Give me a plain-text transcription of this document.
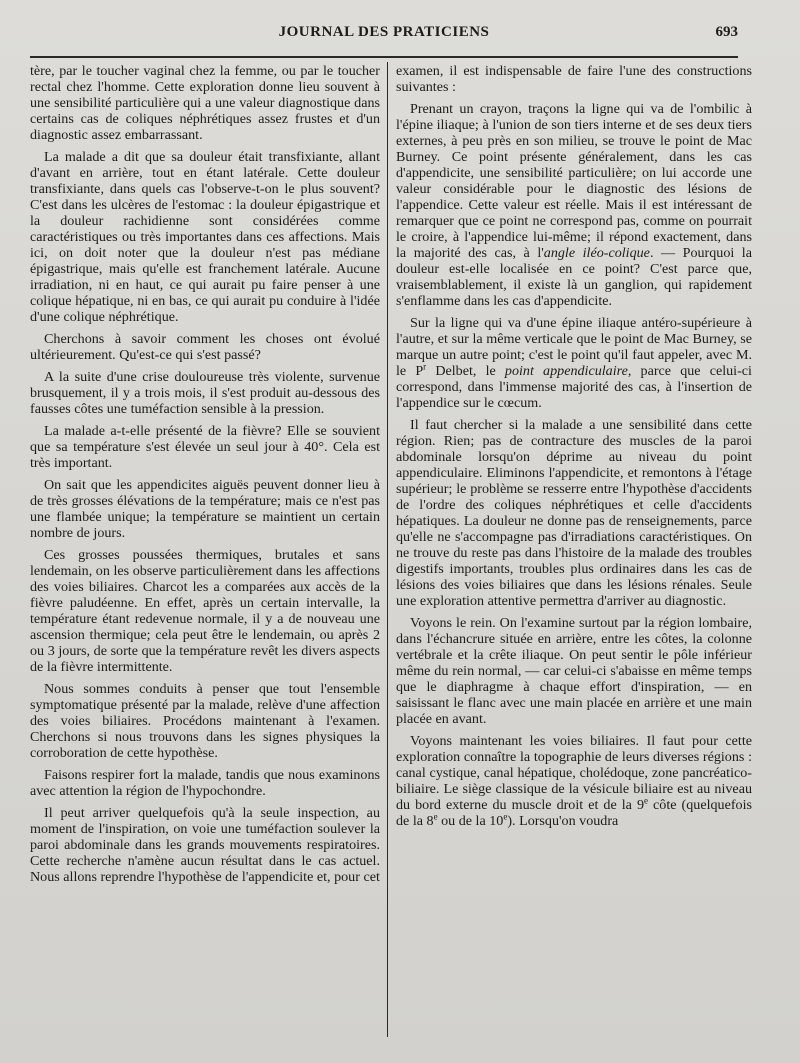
JOURNAL DES PRATICIENS	693

tère, par le toucher vaginal chez la femme, ou par le toucher rectal chez l'homme. Cette exploration donne lieu souvent à une sensibilité particulière qui a une valeur diagnostique dans certains cas de coliques néphrétiques assez frustes et d'un diagnostic assez embarrassant.

La malade a dit que sa douleur était transfixiante, allant d'avant en arrière, tout en étant latérale. Cette douleur transfixiante, dans quels cas l'observe-t-on le plus souvent? C'est dans les ulcères de l'estomac : la douleur épigastrique et la douleur rachidienne sont considérées comme caractéristiques ou très importantes dans ces affections. Mais ici, on doit noter que la douleur n'est pas médiane épigastrique, mais qu'elle est franchement latérale. Aucune irradiation, ni en haut, ce qui aurait pu faire penser à une colique hépatique, ni en bas, ce qui aurait pu conduire à l'idée d'une colique néphrétique.

Cherchons à savoir comment les choses ont évolué ultérieurement. Qu'est-ce qui s'est passé?

A la suite d'une crise douloureuse très violente, survenue brusquement, il y a trois mois, il s'est produit au-dessous des fausses côtes une tuméfaction sensible à la pression.

La malade a-t-elle présenté de la fièvre? Elle se souvient que sa température s'est élevée un seul jour à 40°. Cela est très important.

On sait que les appendicites aiguës peuvent donner lieu à de très grosses élévations de la température; mais ce n'est pas une flambée unique; la température se maintient un certain nombre de jours.

Ces grosses poussées thermiques, brutales et sans lendemain, on les observe particulièrement dans les affections des voies biliaires. Charcot les a comparées aux accès de la fièvre paludéenne. En effet, après un certain intervalle, la température étant redevenue normale, il y a de nouveau une ascension thermique; cela peut être le lendemain, ou après 2 ou 3 jours, de sorte que la température revêt les divers aspects de la fièvre intermittente.

Nous sommes conduits à penser que tout l'ensemble symptomatique présenté par la malade, relève d'une affection des voies biliaires. Procédons maintenant à l'examen. Cherchons si nous trouvons dans les signes physiques la corroboration de cette hypothèse.

Faisons respirer fort la malade, tandis que nous examinons avec attention la région de l'hypochondre.

Il peut arriver quelquefois qu'à la seule inspection, au moment de l'inspiration, on voie une tuméfaction soulever la paroi abdominale dans les grands mouvements respiratoires. Cette recherche n'amène aucun résultat dans le cas actuel. Nous allons reprendre l'hypothèse de l'appendicite et, pour cet

examen, il est indispensable de faire l'une des constructions suivantes :

Prenant un crayon, traçons la ligne qui va de l'ombilic à l'épine iliaque; à l'union de son tiers interne et de ses deux tiers externes, à peu près en son milieu, se trouve le point de Mac Burney. Ce point présente généralement, dans les cas d'appendicite, une sensibilité particulière; on lui accorde une valeur considérable pour le diagnostic des lésions de l'appendice. Cette valeur est réelle. Mais il est intéressant de remarquer que ce point ne correspond pas, comme on pourrait le croire, à l'appendice lui-même; il répond exactement, dans la majorité des cas, à l'angle iléo-colique. — Pourquoi la douleur est-elle localisée en ce point? C'est parce que, vraisemblablement, il existe là un ganglion, qui rapidement s'enflamme dans les cas d'appendicite.

Sur la ligne qui va d'une épine iliaque antéro-supérieure à l'autre, et sur la même verticale que le point de Mac Burney, se marque un autre point; c'est le point qu'il faut appeler, avec M. le $P^r$ Delbet, le point appendiculaire, parce que celui-ci correspond, dans l'immense majorité des cas, à l'insertion de l'appendice sur le cœcum.

Il faut chercher si la malade a une sensibilité dans cette région. Rien; pas de contracture des muscles de la paroi abdominale lorsqu'on déprime au niveau du point appendiculaire. Eliminons l'appendicite, et remontons à l'étage supérieur; le problème se resserre entre l'hypothèse d'accidents de l'ordre des coliques néphrétiques et celle d'accidents hépatiques. La douleur ne donne pas de renseignements, parce qu'elle ne s'accompagne pas d'irradiations caractéristiques. On ne trouve du reste pas dans l'histoire de la malade des troubles digestifs importants, troubles plus ordinaires dans les cas de lésions des voies biliaires que dans les lésions rénales. Seule une exploration attentive permettra d'arriver au diagnostic.

Voyons le rein. On l'examine surtout par la région lombaire, dans l'échancrure située en arrière, entre les côtes, la colonne vertébrale et la crête iliaque. On peut sentir le pôle inférieur même du rein normal, — car celui-ci s'abaisse en même temps que le diaphragme à chaque effort d'inspiration, — en saisissant le flanc avec une main placée en arrière et une main placée en avant.

Voyons maintenant les voies biliaires. Il faut pour cette exploration connaître la topographie de leurs diverses régions : canal cystique, canal hépatique, cholédoque, zone pancréatico-biliaire. Le siège classique de la vésicule biliaire est au niveau du bord externe du muscle droit et de la 9e côte (quelquefois de la 8e ou de la 10e). Lorsqu'on voudra
